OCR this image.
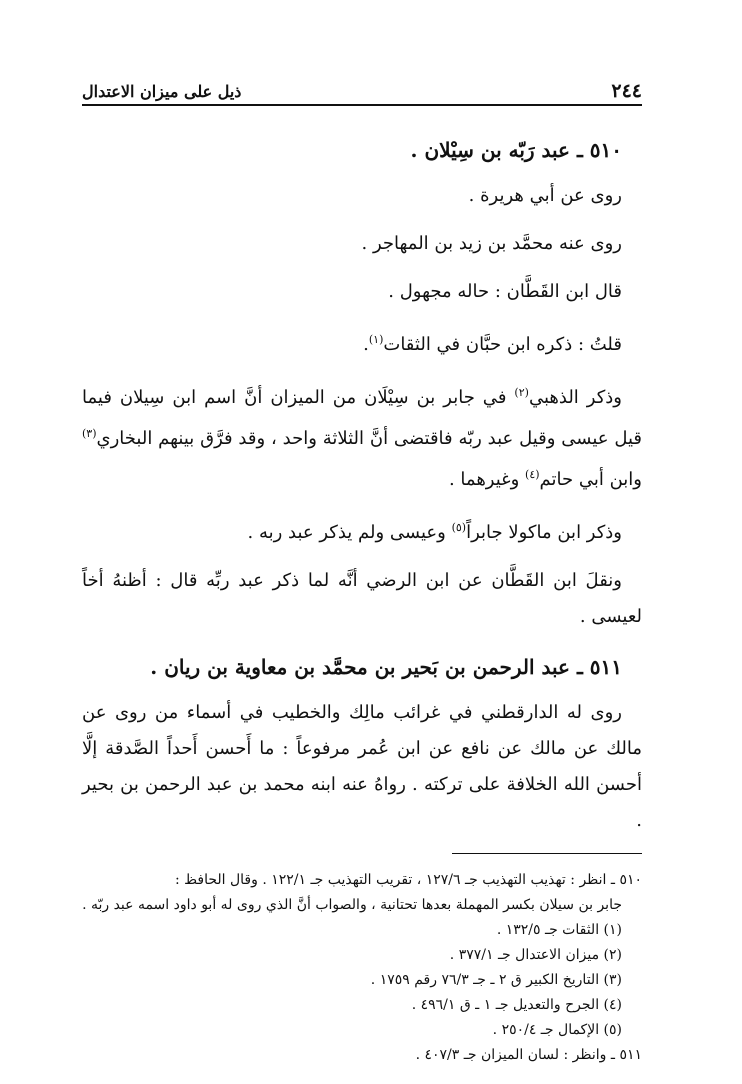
٢٤٤
ذيل على ميزان الاعتدال
٥١٠ ـ عبد رَبّه بن سِيْلان .

روى عن أبي هريرة .

روى عنه محمَّد بن زيد بن المهاجر .

قال ابن القَطَّان : حاله مجهول .

قلتُ : ذكره ابن حبَّان في الثقات$^{(١)}$.

وذكر الذهبي$^{(٢)}$ في جابر بن سِيْلَان من الميزان أنَّ اسم ابن سِيلان فيما قيل عيسى وقيل عبد ربّه فاقتضى أنَّ الثلاثة واحد ، وقد فرَّق بينهم البخاري$^{(٣)}$ وابن أبي حاتم$^{(٤)}$ وغيرهما .

وذكر ابن ماكولا جابراً$^{(٥)}$ وعيسى ولم يذكر عبد ربه .

ونقلَ ابن القَطَّان عن ابن الرضي أنَّه لما ذكر عبد ربِّه قال : أظنهُ أخاً لعيسى .

٥١١ ـ عبد الرحمن بن بَحير بن محمَّد بن معاوية بن ريان .

روى له الدارقطني في غرائب مالِك والخطيب في أسماء من روى عن مالك عن مالك عن نافع عن ابن عُمر مرفوعاً : ما أَحسن أَحداً الصَّدقة إلَّا أحسن الله الخلافة على تركته . رواهُ عنه ابنه محمد بن عبد الرحمن بن بحير .

٥١٠ ـ انظر : تهذيب التهذيب جـ ١٢٧/٦ ، تقريب التهذيب جـ ١٢٢/١ . وقال الحافظ :
جابر بن سيلان بكسر المهملة بعدها تحتانية ، والصواب أنَّ الذي روى له أبو داود اسمه عبد ربّه .
(١) الثقات جـ ١٣٢/٥ .
(٢) ميزان الاعتدال جـ ٣٧٧/١ .
(٣) التاريخ الكبير ق ٢ ـ جـ ٧٦/٣ رقم ١٧٥٩ .
(٤) الجرح والتعديل جـ ١ ـ ق ٤٩٦/١ .
(٥) الإكمال جـ ٢٥٠/٤ .
٥١١ ـ وانظر : لسان الميزان جـ ٤٠٧/٣ .
